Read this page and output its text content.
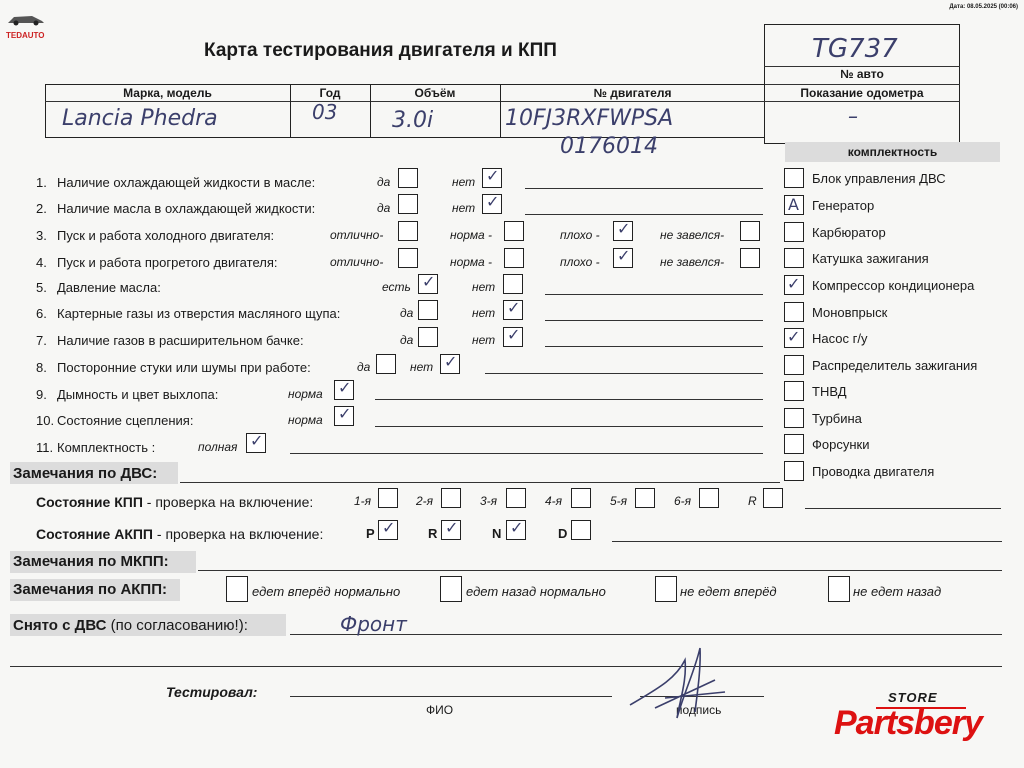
Дата: 08.05.2025 (00:06)
TEDAUTO
Карта тестирования двигателя и КПП	TG737
№ авто
Показание одометра
–
Марка, модель	Год	Объём	№ двигателя
Lancia Phedra	03 3.0i	10FJ3RXFWPSA
0176014	комплектность
Блок управления ДВС
A Генератор
Карбюратор
Катушка зажигания
✓ Компрессор кондиционера
Моновпрыск
✓ Насос г/у
Распределитель зажигания
ТНВД
Турбина
Форсунки
Проводка двигателя
1. Наличие охлаждающей жидкости в масле:	да	нет ✓
2. Наличие масла в охлаждающей жидкости:	да	нет ✓
3. Пуск и работа холодного двигателя:	отлично-	норма -	плохо - ✓ не завелся-
4. Пуск и работа прогретого двигателя:	отлично-	норма -	плохо - ✓ не завелся-
5. Давление масла:	есть ✓	нет
6. Картерные газы из отверстия масляного щупа:	да	нет ✓
7. Наличие газов в расширительном бачке:	да	нет ✓
8. Посторонние стуки или шумы при работе:	да	нет ✓
9. Дымность и цвет выхлопа:	норма ✓
10. Состояние сцепления:	норма ✓
11. Комплектность :	полная ✓
Замечания по ДВС:
Состояние КПП - проверка на включение:	1-я	2-я	3-я	4-я	5-я	6-я	R
Состояние АКПП - проверка на включение:	P ✓	R ✓	N ✓	D
Замечания по МКПП:
Замечания по АКПП:	едет вперёд нормально	едет назад нормально	не едет вперёд	не едет назад
Снято с ДВС (по согласованию!):	Фронт
Тестировал:
ФИО	подпись
STORE
Partsbery
